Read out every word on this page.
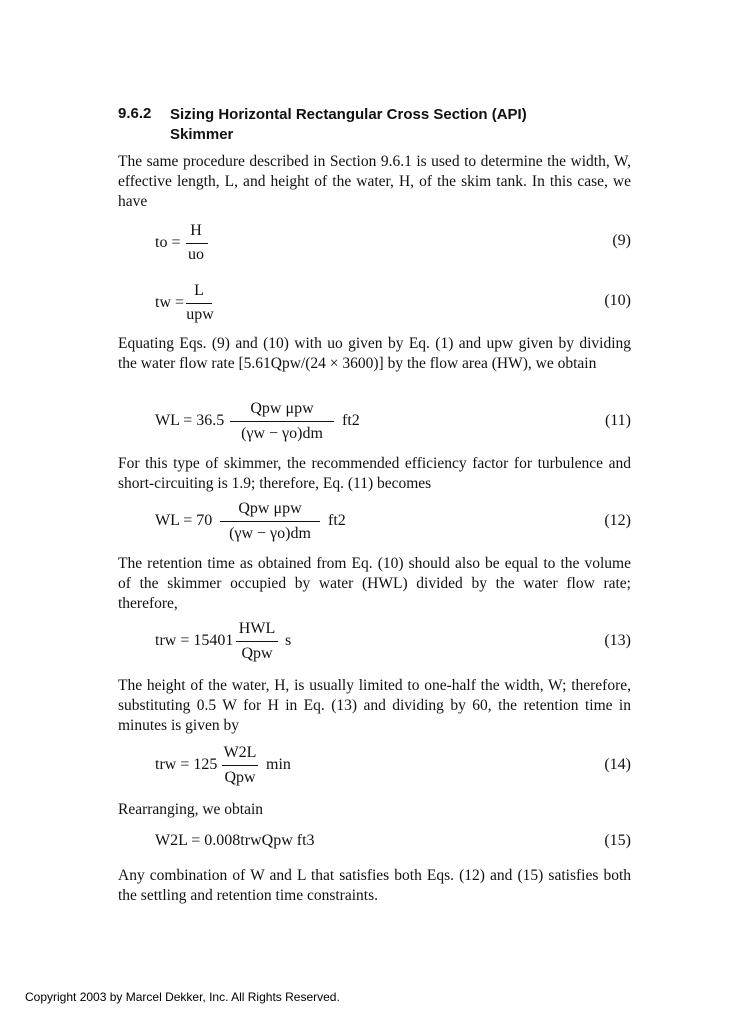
9.6.2 Sizing Horizontal Rectangular Cross Section (API) Skimmer
The same procedure described in Section 9.6.1 is used to determine the width, W, effective length, L, and height of the water, H, of the skim tank. In this case, we have
to =
H
uo
(9)
tw =
L
upw
(10)
Equating Eqs. (9) and (10) with uo given by Eq. (1) and upw given by dividing the water flow rate [5.61Qpw/(24 × 3600)] by the flow area (HW), we obtain
WL = 36.5
Qpw μpw
(γw − γo)dm
ft2	(11)
For this type of skimmer, the recommended efficiency factor for turbulence and short-circuiting is 1.9; therefore, Eq. (11) becomes
WL = 70
Qpw μpw
(γw − γo)dm
ft2	(12)
The retention time as obtained from Eq. (10) should also be equal to the volume of the skimmer occupied by water (HWL) divided by the water flow rate; therefore,
trw = 15401
HWL
Qpw
s	(13)
The height of the water, H, is usually limited to one-half the width, W; therefore, substituting 0.5 W for H in Eq. (13) and dividing by 60, the retention time in minutes is given by
trw = 125
W2L
Qpw
min	(14)
Rearranging, we obtain
W2L = 0.008trwQpw ft3	(15)
Any combination of W and L that satisfies both Eqs. (12) and (15) satisfies both the settling and retention time constraints.
Copyright 2003 by Marcel Dekker, Inc. All Rights Reserved.
